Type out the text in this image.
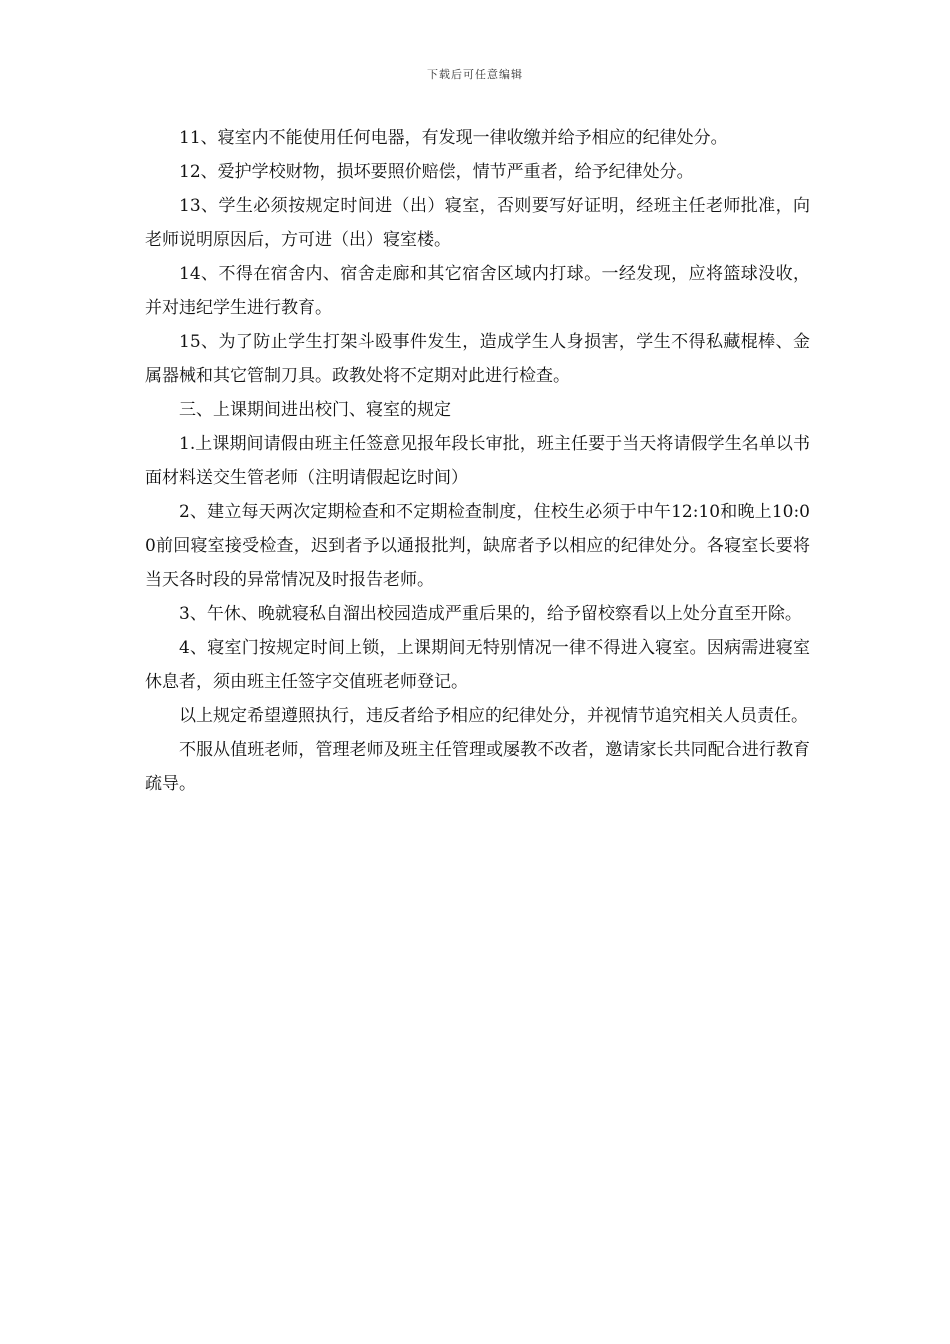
下载后可任意编辑

11、寝室内不能使用任何电器，有发现一律收缴并给予相应的纪律处分。

12、爱护学校财物，损坏要照价赔偿，情节严重者，给予纪律处分。

13、学生必须按规定时间进（出）寝室，否则要写好证明，经班主任老师批准，向老师说明原因后，方可进（出）寝室楼。

14、不得在宿舍内、宿舍走廊和其它宿舍区域内打球。一经发现，应将篮球没收，并对违纪学生进行教育。

15、为了防止学生打架斗殴事件发生，造成学生人身损害，学生不得私藏棍棒、金属器械和其它管制刀具。政教处将不定期对此进行检查。

三、上课期间进出校门、寝室的规定

1.上课期间请假由班主任签意见报年段长审批，班主任要于当天将请假学生名单以书面材料送交生管老师（注明请假起讫时间）

2、建立每天两次定期检查和不定期检查制度，住校生必须于中午12:10和晚上10:00前回寝室接受检查，迟到者予以通报批判，缺席者予以相应的纪律处分。各寝室长要将当天各时段的异常情况及时报告老师。

3、午休、晚就寝私自溜出校园造成严重后果的，给予留校察看以上处分直至开除。

4、寝室门按规定时间上锁，上课期间无特别情况一律不得进入寝室。因病需进寝室休息者，须由班主任签字交值班老师登记。

以上规定希望遵照执行，违反者给予相应的纪律处分，并视情节追究相关人员责任。

不服从值班老师，管理老师及班主任管理或屡教不改者，邀请家长共同配合进行教育疏导。
